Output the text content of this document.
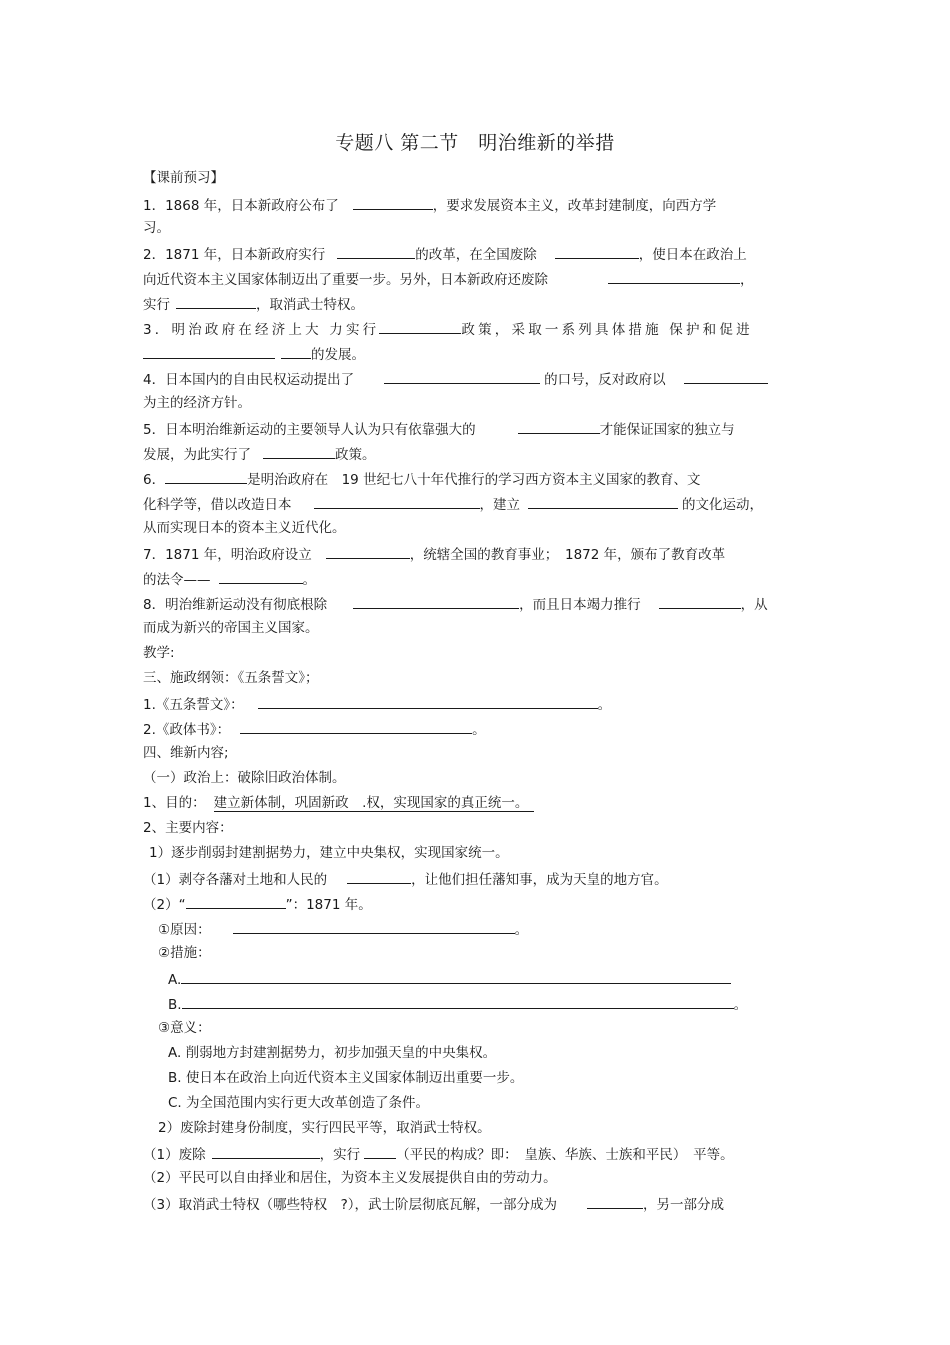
专题八 第二节　明治维新的举措
【课前预习】
1．1868 年，日本新政府公布了	，要求发展资本主义，改革封建制度，向西方学
习。
2．1871 年，日本新政府实行	的改革，在全国废除	，使日本在政治上
向近代资本主义国家体制迈出了重要一步。另外，日本新政府还废除	，
实行	，取消武士特权。
3．明治政府在经济上大 力实行	政策，采取一系列具体措施 保护和促进
的发展。
4．日本国内的自由民权运动提出了	的口号，反对政府以
为主的经济方针。
5．日本明治维新运动的主要领导人认为只有依靠强大的	才能保证国家的独立与
发展，为此实行了	政策。
6．	是明治政府在　19 世纪七八十年代推行的学习西方资本主义国家的教育、文
化科学等，借以改造日本	，建立	的文化运动，
从而实现日本的资本主义近代化。
7．1871 年，明治政府设立	，统辖全国的教育事业；　1872 年，颁布了教育改革
的法令——	。
8．明治维新运动没有彻底根除	，而且日本竭力推行	，从
而成为新兴的帝国主义国家。
教学:
三、施政纲领：《五条誓文》；
1.《五条誓文》：	。
2.《政体书》：	。
四、维新内容;
（一）政治上：破除旧政治体制。
1、目的： 建立新体制，巩固新政　.权，实现国家的真正统一。
2、主要内容：
1）逐步削弱封建割据势力，建立中央集权，实现国家统一。
（1）剥夺各藩对土地和人民的	，让他们担任藩知事，成为天皇的地方官。
（2）“	”：1871 年。
①原因：	。
②措施：
A.
B.	。
③意义：
A. 削弱地方封建割据势力，初步加强天皇的中央集权。
B. 使日本在政治上向近代资本主义国家体制迈出重要一步。
C. 为全国范围内实行更大改革创造了条件。
2）废除封建身份制度，实行四民平等，取消武士特权。
（1）废除	，实行	（平民的构成？即：　皇族、华族、士族和平民）　平等。
（2）平民可以自由择业和居住，为资本主义发展提供自由的劳动力。
（3）取消武士特权（哪些特权　?），武士阶层彻底瓦解，一部分成为	，另一部分成
